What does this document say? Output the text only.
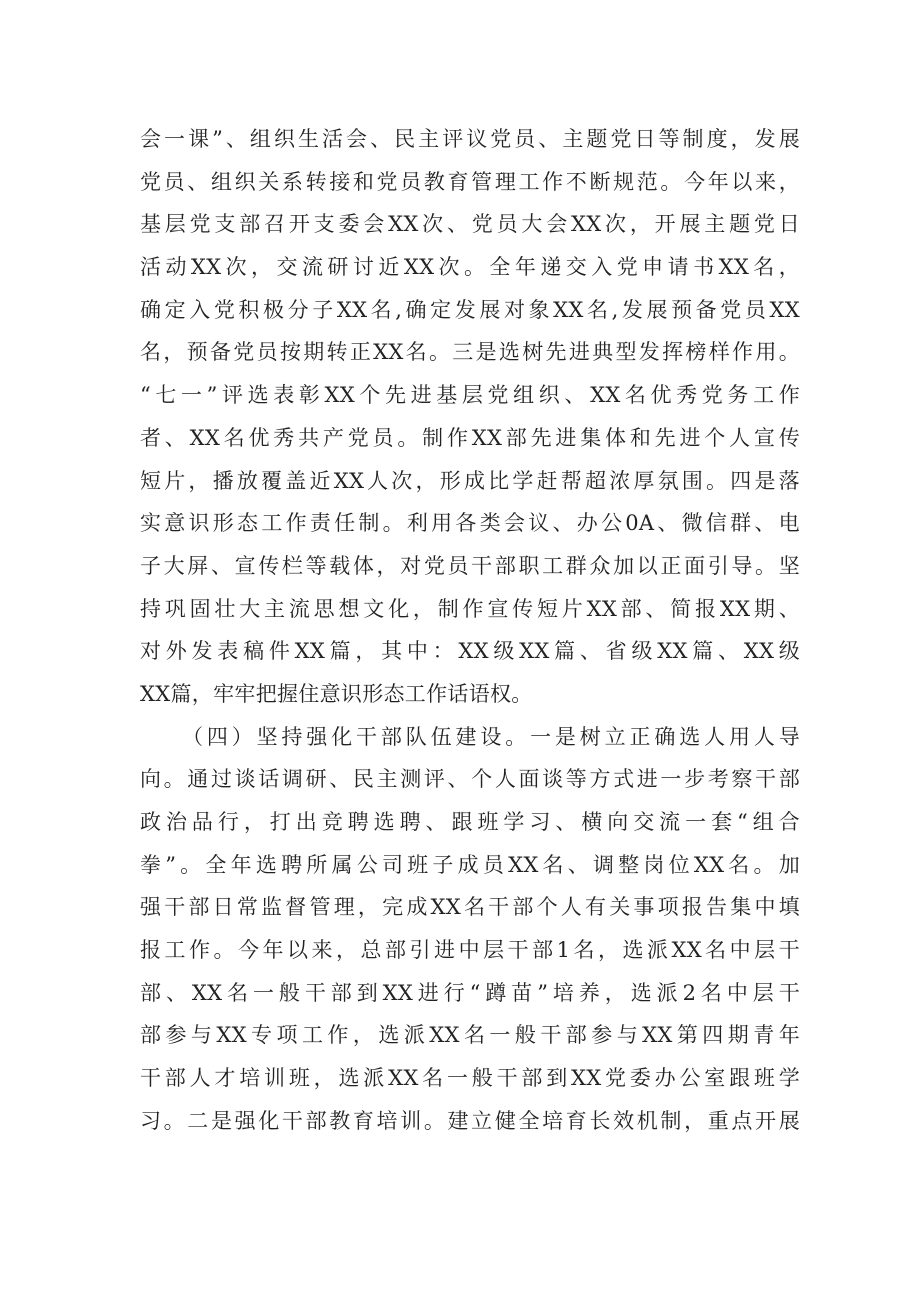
会一课”、组织生活会、民主评议党员、主题党日等制度，发展
党员、组织关系转接和党员教育管理工作不断规范。今年以来，
基层党支部召开支委会XX次、党员大会XX次，开展主题党日
活动XX次，交流研讨近XX次。全年递交入党申请书XX名，
确定入党积极分子XX名,确定发展对象XX名,发展预备党员XX
名，预备党员按期转正XX名。三是选树先进典型发挥榜样作用。
“七一”评选表彰XX个先进基层党组织、XX名优秀党务工作
者、XX名优秀共产党员。制作XX部先进集体和先进个人宣传
短片，播放覆盖近XX人次，形成比学赶帮超浓厚氛围。四是落
实意识形态工作责任制。利用各类会议、办公0A、微信群、电
子大屏、宣传栏等载体，对党员干部职工群众加以正面引导。坚
持巩固壮大主流思想文化，制作宣传短片XX部、简报XX期、
对外发表稿件XX篇，其中：XX级XX篇、省级XX篇、XX级
XX篇，牢牢把握住意识形态工作话语权。
（四）坚持强化干部队伍建设。一是树立正确选人用人导
向。通过谈话调研、民主测评、个人面谈等方式进一步考察干部
政治品行，打出竞聘选聘、跟班学习、横向交流一套“组合
拳”。全年选聘所属公司班子成员XX名、调整岗位XX名。加
强干部日常监督管理，完成XX名干部个人有关事项报告集中填
报工作。今年以来，总部引进中层干部1名，选派XX名中层干
部、XX名一般干部到XX进行“蹲苗”培养，选派2名中层干
部参与XX专项工作，选派XX名一般干部参与XX第四期青年
干部人才培训班，选派XX名一般干部到XX党委办公室跟班学
习。二是强化干部教育培训。建立健全培育长效机制，重点开展
